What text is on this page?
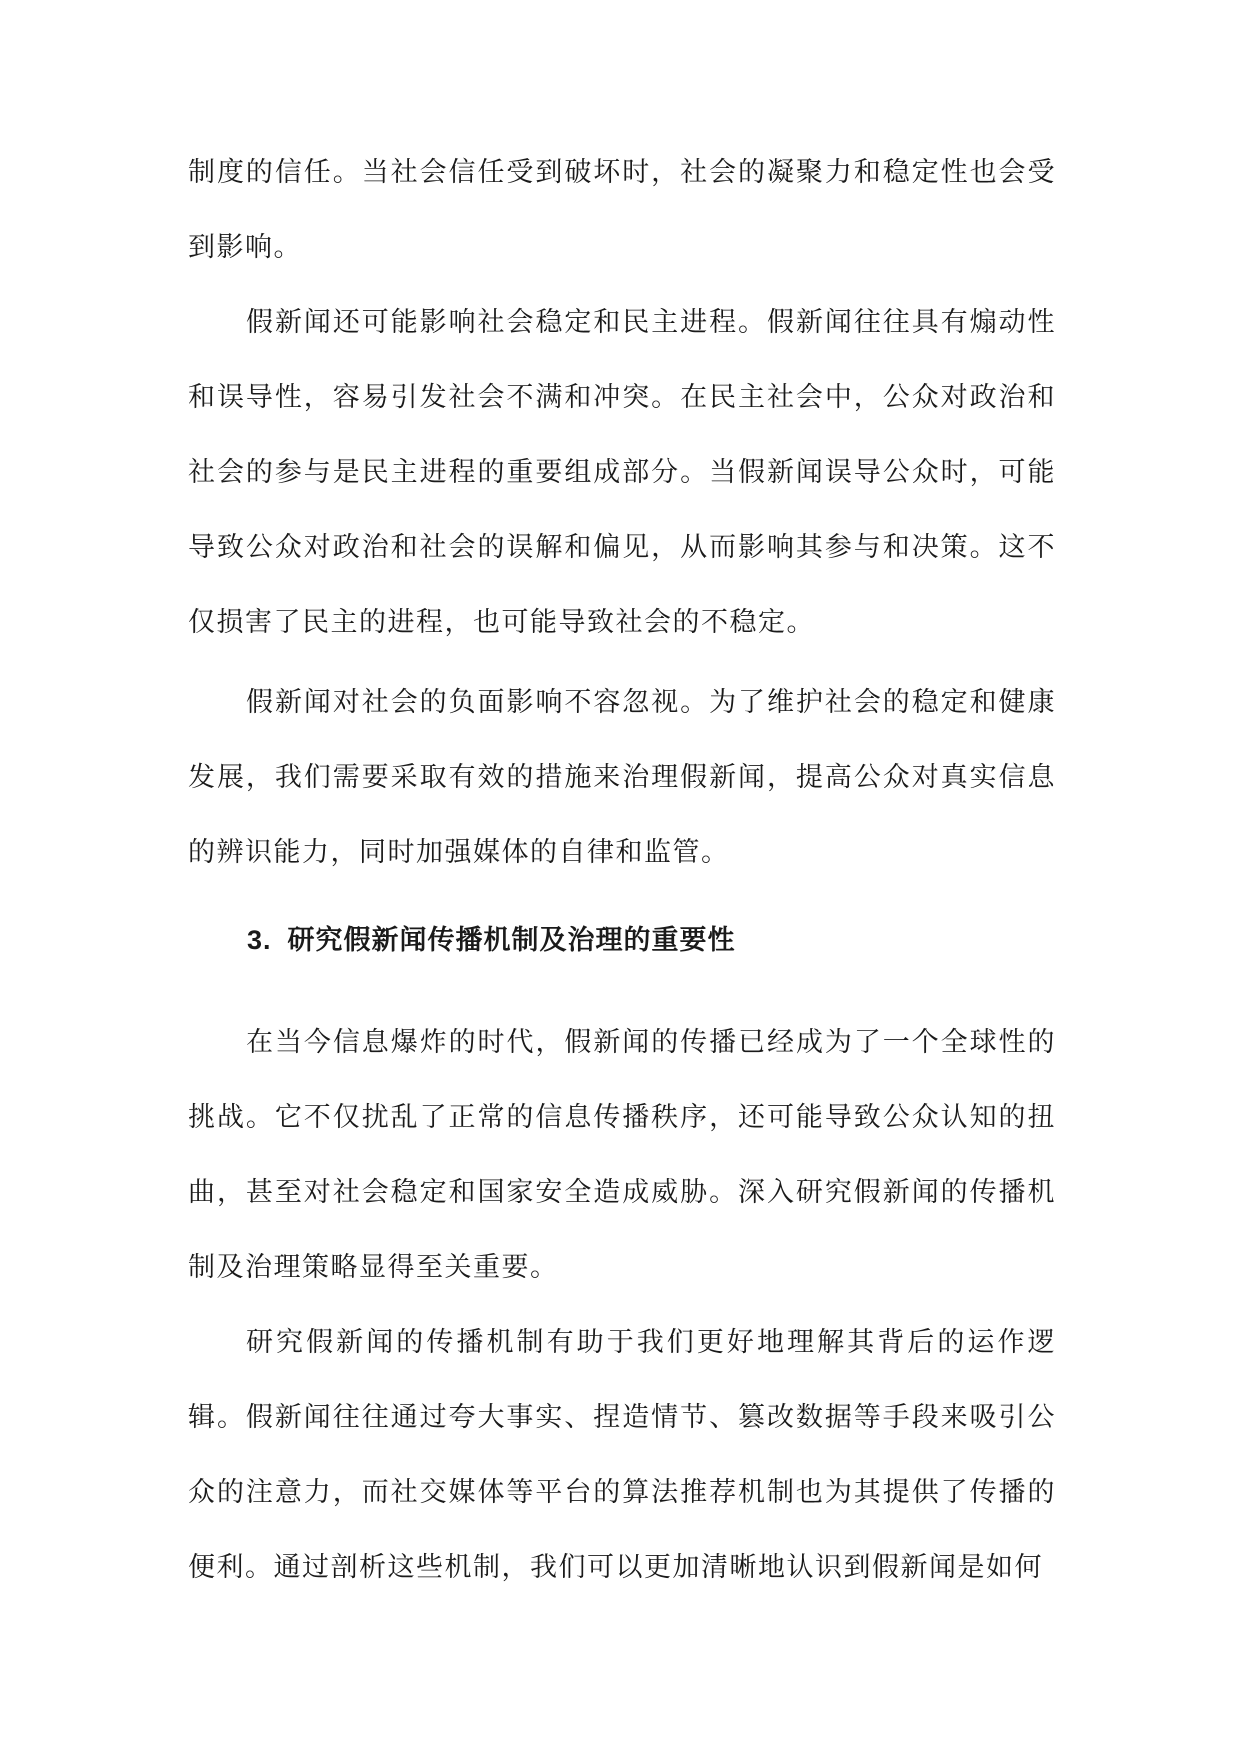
制度的信任。当社会信任受到破坏时，社会的凝聚力和稳定性也会受到影响。

假新闻还可能影响社会稳定和民主进程。假新闻往往具有煽动性和误导性，容易引发社会不满和冲突。在民主社会中，公众对政治和社会的参与是民主进程的重要组成部分。当假新闻误导公众时，可能导致公众对政治和社会的误解和偏见，从而影响其参与和决策。这不仅损害了民主的进程，也可能导致社会的不稳定。

假新闻对社会的负面影响不容忽视。为了维护社会的稳定和健康发展，我们需要采取有效的措施来治理假新闻，提高公众对真实信息的辨识能力，同时加强媒体的自律和监管。

3. 研究假新闻传播机制及治理的重要性

在当今信息爆炸的时代，假新闻的传播已经成为了一个全球性的挑战。它不仅扰乱了正常的信息传播秩序，还可能导致公众认知的扭曲，甚至对社会稳定和国家安全造成威胁。深入研究假新闻的传播机制及治理策略显得至关重要。

研究假新闻的传播机制有助于我们更好地理解其背后的运作逻辑。假新闻往往通过夸大事实、捏造情节、篡改数据等手段来吸引公众的注意力，而社交媒体等平台的算法推荐机制也为其提供了传播的便利。通过剖析这些机制，我们可以更加清晰地认识到假新闻是如何
